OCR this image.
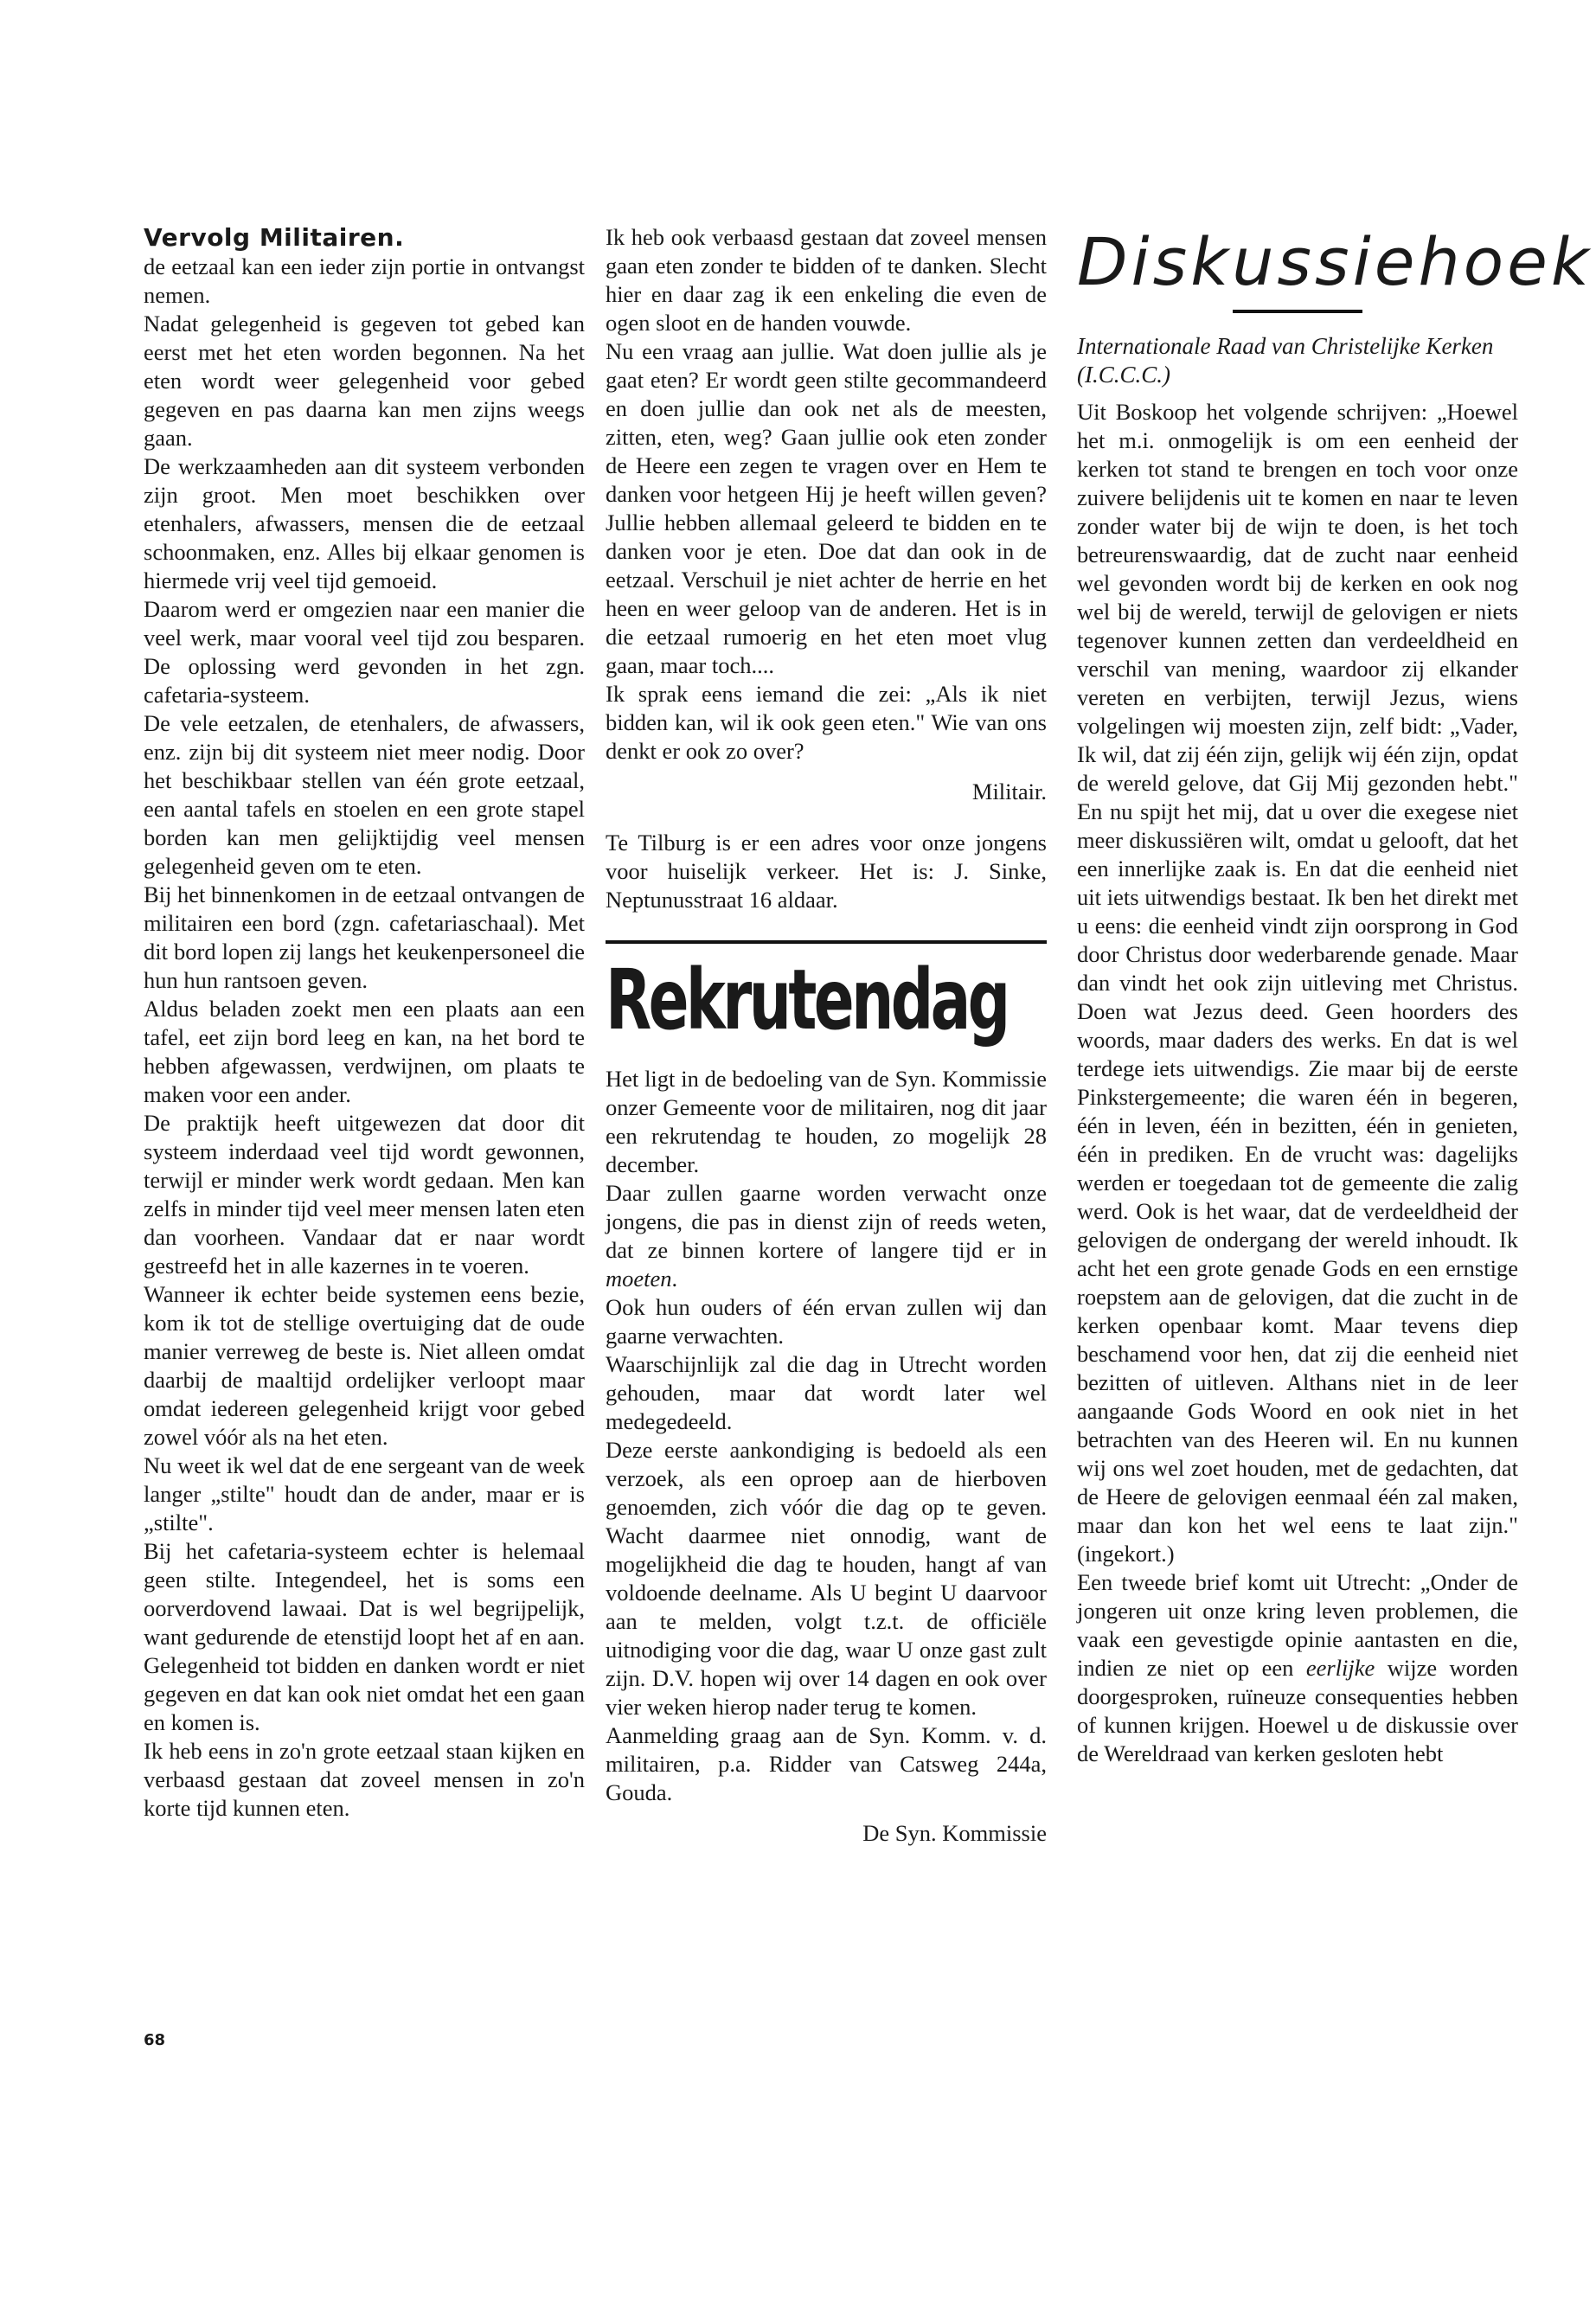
Vervolg Militairen.

de eetzaal kan een ieder zijn portie in ontvangst nemen.

Nadat gelegenheid is gegeven tot gebed kan eerst met het eten worden begonnen. Na het eten wordt weer gelegenheid voor gebed gegeven en pas daarna kan men zijns weegs gaan.

De werkzaamheden aan dit systeem verbonden zijn groot. Men moet beschikken over etenhalers, afwassers, mensen die de eetzaal schoonmaken, enz. Alles bij elkaar genomen is hiermede vrij veel tijd gemoeid.

Daarom werd er omgezien naar een manier die veel werk, maar vooral veel tijd zou besparen. De oplossing werd gevonden in het zgn. cafetaria-systeem.

De vele eetzalen, de etenhalers, de afwassers, enz. zijn bij dit systeem niet meer nodig. Door het beschikbaar stellen van één grote eetzaal, een aantal tafels en stoelen en een grote stapel borden kan men gelijktijdig veel mensen gelegenheid geven om te eten.

Bij het binnenkomen in de eetzaal ontvangen de militairen een bord (zgn. cafetariaschaal). Met dit bord lopen zij langs het keukenpersoneel die hun hun rantsoen geven.

Aldus beladen zoekt men een plaats aan een tafel, eet zijn bord leeg en kan, na het bord te hebben afgewassen, verdwijnen, om plaats te maken voor een ander.

De praktijk heeft uitgewezen dat door dit systeem inderdaad veel tijd wordt gewonnen, terwijl er minder werk wordt gedaan. Men kan zelfs in minder tijd veel meer mensen laten eten dan voorheen. Vandaar dat er naar wordt gestreefd het in alle kazernes in te voeren.

Wanneer ik echter beide systemen eens bezie, kom ik tot de stellige overtuiging dat de oude manier verreweg de beste is. Niet alleen omdat daarbij de maaltijd ordelijker verloopt maar omdat iedereen gelegenheid krijgt voor gebed zowel vóór als na het eten.

Nu weet ik wel dat de ene sergeant van de week langer „stilte" houdt dan de ander, maar er is „stilte".

Bij het cafetaria-systeem echter is helemaal geen stilte. Integendeel, het is soms een oorverdovend lawaai. Dat is wel begrijpelijk, want gedurende de etenstijd loopt het af en aan. Gelegenheid tot bidden en danken wordt er niet gegeven en dat kan ook niet omdat het een gaan en komen is.

Ik heb eens in zo'n grote eetzaal staan kijken en verbaasd gestaan dat zoveel mensen in zo'n korte tijd kunnen eten.

Ik heb ook verbaasd gestaan dat zoveel mensen gaan eten zonder te bidden of te danken. Slecht hier en daar zag ik een enkeling die even de ogen sloot en de handen vouwde.

Nu een vraag aan jullie. Wat doen jullie als je gaat eten? Er wordt geen stilte gecommandeerd en doen jullie dan ook net als de meesten, zitten, eten, weg? Gaan jullie ook eten zonder de Heere een zegen te vragen over en Hem te danken voor hetgeen Hij je heeft willen geven? Jullie hebben allemaal geleerd te bidden en te danken voor je eten. Doe dat dan ook in de eetzaal. Verschuil je niet achter de herrie en het heen en weer geloop van de anderen. Het is in die eetzaal rumoerig en het eten moet vlug gaan, maar toch....

Ik sprak eens iemand die zei: „Als ik niet bidden kan, wil ik ook geen eten." Wie van ons denkt er ook zo over?

Militair.

Te Tilburg is er een adres voor onze jongens voor huiselijk verkeer. Het is: J. Sinke, Neptunusstraat 16 aldaar.

Rekrutendag

Het ligt in de bedoeling van de Syn. Kommissie onzer Gemeente voor de militairen, nog dit jaar een rekrutendag te houden, zo mogelijk 28 december.

Daar zullen gaarne worden verwacht onze jongens, die pas in dienst zijn of reeds weten, dat ze binnen kortere of langere tijd er in moeten.

Ook hun ouders of één ervan zullen wij dan gaarne verwachten.

Waarschijnlijk zal die dag in Utrecht worden gehouden, maar dat wordt later wel medegedeeld.

Deze eerste aankondiging is bedoeld als een verzoek, als een oproep aan de hierboven genoemden, zich vóór die dag op te geven. Wacht daarmee niet onnodig, want de mogelijkheid die dag te houden, hangt af van voldoende deelname. Als U begint U daarvoor aan te melden, volgt t.z.t. de officiële uitnodiging voor die dag, waar U onze gast zult zijn. D.V. hopen wij over 14 dagen en ook over vier weken hierop nader terug te komen.

Aanmelding graag aan de Syn. Komm. v. d. militairen, p.a. Ridder van Catsweg 244a, Gouda.

De Syn. Kommissie

Diskussiehoek

Internationale Raad van Christelijke Kerken (I.C.C.C.)

Uit Boskoop het volgende schrijven: „Hoewel het m.i. onmogelijk is om een eenheid der kerken tot stand te brengen en toch voor onze zuivere belijdenis uit te komen en naar te leven zonder water bij de wijn te doen, is het toch betreurenswaardig, dat de zucht naar eenheid wel gevonden wordt bij de kerken en ook nog wel bij de wereld, terwijl de gelovigen er niets tegenover kunnen zetten dan verdeeldheid en verschil van mening, waardoor zij elkander vereten en verbijten, terwijl Jezus, wiens volgelingen wij moesten zijn, zelf bidt: „Vader, Ik wil, dat zij één zijn, gelijk wij één zijn, opdat de wereld gelove, dat Gij Mij gezonden hebt." En nu spijt het mij, dat u over die exegese niet meer diskussiëren wilt, omdat u gelooft, dat het een innerlijke zaak is. En dat die eenheid niet uit iets uitwendigs bestaat. Ik ben het direkt met u eens: die eenheid vindt zijn oorsprong in God door Christus door wederbarende genade. Maar dan vindt het ook zijn uitleving met Christus. Doen wat Jezus deed. Geen hoorders des woords, maar daders des werks. En dat is wel terdege iets uitwendigs. Zie maar bij de eerste Pinkstergemeente; die waren één in begeren, één in leven, één in bezitten, één in genieten, één in prediken. En de vrucht was: dagelijks werden er toegedaan tot de gemeente die zalig werd. Ook is het waar, dat de verdeeldheid der gelovigen de ondergang der wereld inhoudt. Ik acht het een grote genade Gods en een ernstige roepstem aan de gelovigen, dat die zucht in de kerken openbaar komt. Maar tevens diep beschamend voor hen, dat zij die eenheid niet bezitten of uitleven. Althans niet in de leer aangaande Gods Woord en ook niet in het betrachten van des Heeren wil. En nu kunnen wij ons wel zoet houden, met de gedachten, dat de Heere de gelovigen eenmaal één zal maken, maar dan kon het wel eens te laat zijn." (ingekort.)

Een tweede brief komt uit Utrecht: „Onder de jongeren uit onze kring leven problemen, die vaak een gevestigde opinie aantasten en die, indien ze niet op een eerlijke wijze worden doorgesproken, ruïneuze consequenties hebben of kunnen krijgen. Hoewel u de diskussie over de Wereldraad van kerken gesloten hebt

68
